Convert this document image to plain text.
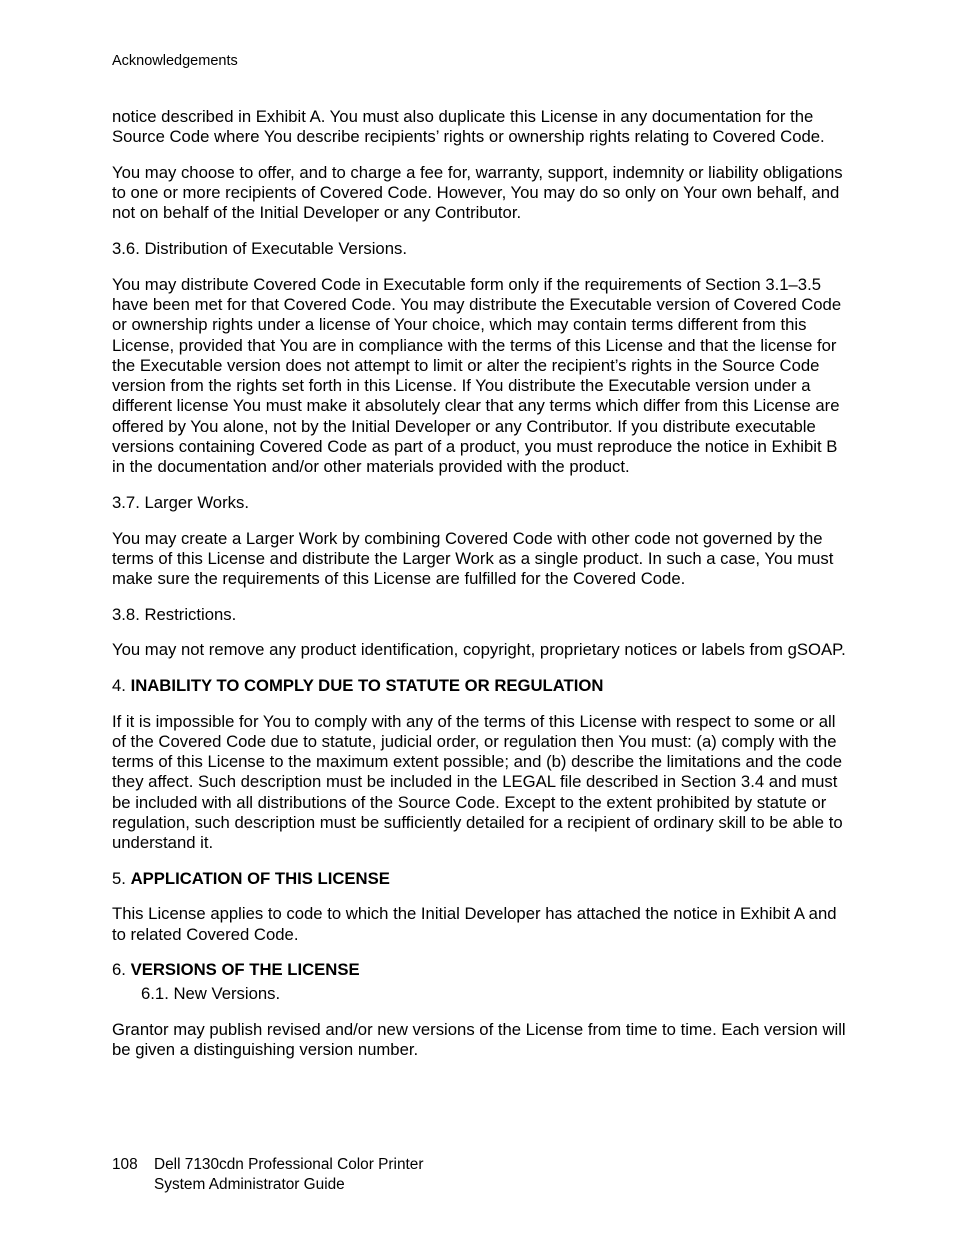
Acknowledgements

notice described in Exhibit A. You must also duplicate this License in any documentation for the Source Code where You describe recipients’ rights or ownership rights relating to Covered Code.

You may choose to offer, and to charge a fee for, warranty, support, indemnity or liability obligations to one or more recipients of Covered Code. However, You may do so only on Your own behalf, and not on behalf of the Initial Developer or any Contributor.

3.6. Distribution of Executable Versions.

You may distribute Covered Code in Executable form only if the requirements of Section 3.1–3.5 have been met for that Covered Code. You may distribute the Executable version of Covered Code or ownership rights under a license of Your choice, which may contain terms different from this License, provided that You are in compliance with the terms of this License and that the license for the Executable version does not attempt to limit or alter the recipient’s rights in the Source Code version from the rights set forth in this License. If You distribute the Executable version under a different license You must make it absolutely clear that any terms which differ from this License are offered by You alone, not by the Initial Developer or any Contributor. If you distribute executable versions containing Covered Code as part of a product, you must reproduce the notice in Exhibit B in the documentation and/or other materials provided with the product.

3.7. Larger Works.

You may create a Larger Work by combining Covered Code with other code not governed by the terms of this License and distribute the Larger Work as a single product. In such a case, You must make sure the requirements of this License are fulfilled for the Covered Code.

3.8. Restrictions.

You may not remove any product identification, copyright, proprietary notices or labels from gSOAP.

4. INABILITY TO COMPLY DUE TO STATUTE OR REGULATION

If it is impossible for You to comply with any of the terms of this License with respect to some or all of the Covered Code due to statute, judicial order, or regulation then You must: (a) comply with the terms of this License to the maximum extent possible; and (b) describe the limitations and the code they affect. Such description must be included in the LEGAL file described in Section 3.4 and must be included with all distributions of the Source Code. Except to the extent prohibited by statute or regulation, such description must be sufficiently detailed for a recipient of ordinary skill to be able to understand it.

5. APPLICATION OF THIS LICENSE

This License applies to code to which the Initial Developer has attached the notice in Exhibit A and to related Covered Code.

6. VERSIONS OF THE LICENSE

6.1. New Versions.

Grantor may publish revised and/or new versions of the License from time to time. Each version will be given a distinguishing version number.

108	Dell 7130cdn Professional Color Printer
System Administrator Guide
